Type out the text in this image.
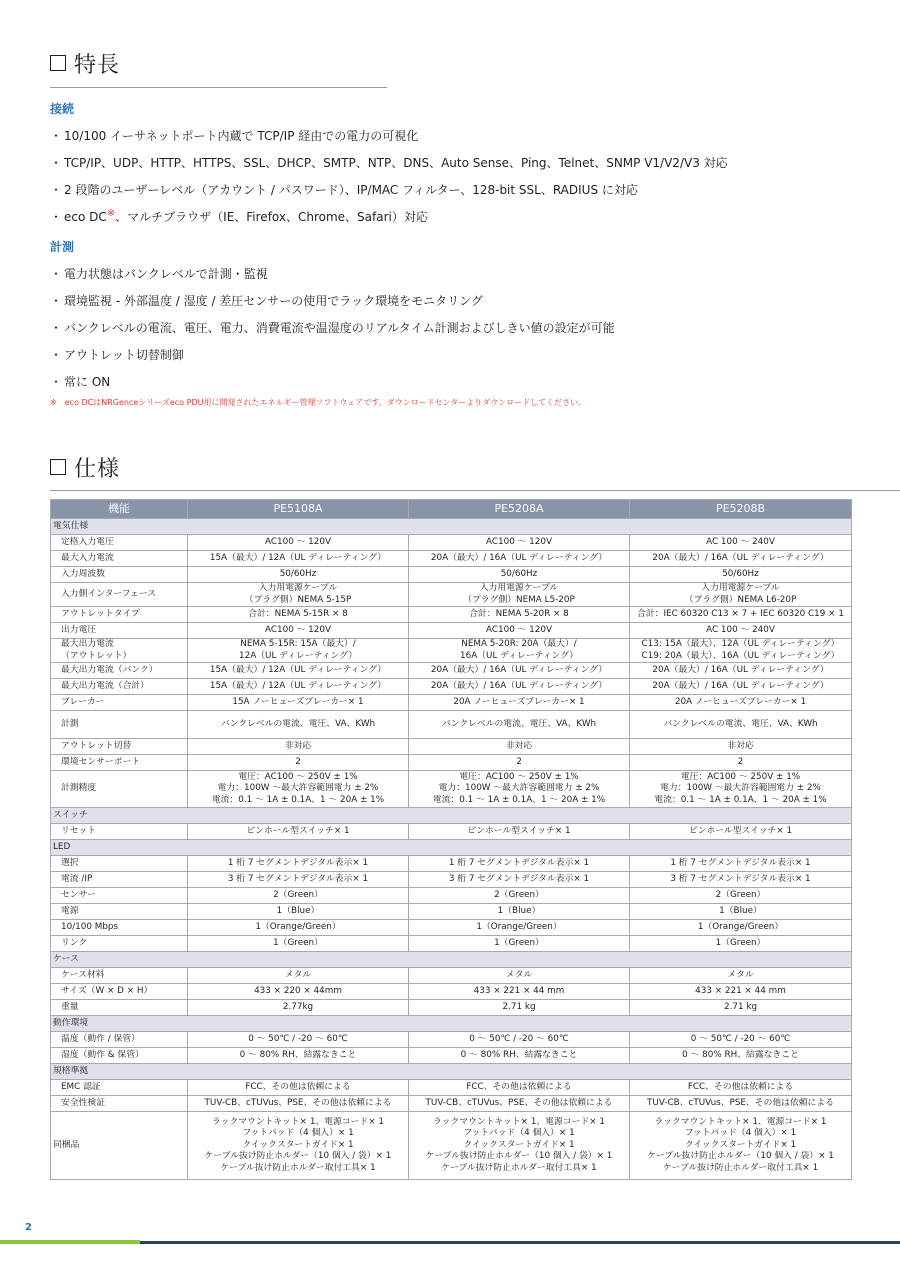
特長
接続
・ 10/100 イーサネットポート内蔵で TCP/IP 経由での電力の可視化
・ TCP/IP、UDP、HTTP、HTTPS、SSL、DHCP、SMTP、NTP、DNS、Auto Sense、Ping、Telnet、SNMP V1/V2/V3 対応
・ 2 段階のユーザーレベル（アカウント / パスワード）、IP/MAC フィルター、128-bit SSL、RADIUS に対応
・ eco DC※、マルチブラウザ（IE、Firefox、Chrome、Safari）対応
計測
・ 電力状態はバンクレベルで計測・監視
・ 環境監視 - 外部温度 / 湿度 / 差圧センサーの使用でラック環境をモニタリング
・ バンクレベルの電流、電圧、電力、消費電流や温湿度のリアルタイム計測およびしきい値の設定が可能
・ アウトレット切替制御
・ 常に ON
※　eco DCはNRGenceシリーズeco PDU用に開発されたエネルギー管理ソフトウェアです。ダウンロードセンターよりダウンロードしてください。
仕様
機能	PE5108A	PE5208A	PE5208B
電気仕様			
定格入力電圧	AC100 ～ 120V	AC100 ～ 120V	AC 100 ～ 240V
最大入力電流	15A（最大）/ 12A（UL ディレーティング）	20A（最大）/ 16A（UL ディレーティング）	20A（最大）/ 16A（UL ディレーティング）
入力周波数	50/60Hz	50/60Hz	50/60Hz
入力側インターフェース	入力用電源ケーブル
（プラグ側）NEMA 5-15P	入力用電源ケーブル
（プラグ側）NEMA L5-20P	入力用電源ケーブル
（プラグ側）NEMA L6-20P
アウトレットタイプ	合計：NEMA 5-15R × 8	合計：NEMA 5-20R × 8	合計：IEC 60320 C13 × 7 + IEC 60320 C19 × 1
出力電圧	AC100 ～ 120V	AC100 ～ 120V	AC 100 ～ 240V
最大出力電流
（アウトレット）	NEMA 5-15R: 15A（最大）/
12A（UL ディレーティング）	NEMA 5-20R: 20A（最大）/
16A（UL ディレーティング）	C13: 15A（最大）、12A（UL ディレーティング）
C19: 20A（最大）、16A（UL ディレーティング）
最大出力電流（バンク）	15A（最大）/ 12A（UL ディレーティング）	20A（最大）/ 16A（UL ディレーティング）	20A（最大）/ 16A（UL ディレーティング）
最大出力電流（合計）	15A（最大）/ 12A（UL ディレーティング）	20A（最大）/ 16A（UL ディレーティング）	20A（最大）/ 16A（UL ディレーティング）
ブレーカー	15A ノーヒューズブレーカー× 1	20A ノーヒューズブレーカー× 1	20A ノーヒューズブレーカー× 1
計測	バンクレベルの電流、電圧、VA、KWh	バンクレベルの電流、電圧、VA、KWh	バンクレベルの電流、電圧、VA、KWh
アウトレット切替	非対応	非対応	非対応
環境センサーポート	2	2	2
計測精度	電圧：AC100 ～ 250V ± 1%
電力：100W ～最大許容範囲電力 ± 2%
電流：0.1 ～ 1A ± 0.1A、1 ～ 20A ± 1%	電圧：AC100 ～ 250V ± 1%
電力：100W ～最大許容範囲電力 ± 2%
電流：0.1 ～ 1A ± 0.1A、1 ～ 20A ± 1%	電圧：AC100 ～ 250V ± 1%
電力：100W ～最大許容範囲電力 ± 2%
電流：0.1 ～ 1A ± 0.1A、1 ～ 20A ± 1%
スイッチ			
リセット	ピンホール型スイッチ× 1	ピンホール型スイッチ× 1	ピンホール型スイッチ× 1
LED			
選択	1 桁 7 セグメントデジタル表示× 1	1 桁 7 セグメントデジタル表示× 1	1 桁 7 セグメントデジタル表示× 1
電流 /IP	3 桁 7 セグメントデジタル表示× 1	3 桁 7 セグメントデジタル表示× 1	3 桁 7 セグメントデジタル表示× 1
センサー	2（Green）	2（Green）	2（Green）
電源	1（Blue）	1（Blue）	1（Blue）
10/100 Mbps	1（Orange/Green）	1（Orange/Green）	1（Orange/Green）
リンク	1（Green）	1（Green）	1（Green）
ケース			
ケース材料	メタル	メタル	メタル
サイズ（W × D × H）	433 × 220 × 44mm	433 × 221 × 44 mm	433 × 221 × 44 mm
重量	2.77kg	2.71 kg	2.71 kg
動作環境			
温度（動作 / 保管）	0 ～ 50℃ / -20 ～ 60℃	0 ～ 50℃ / -20 ～ 60℃	0 ～ 50℃ / -20 ～ 60℃
湿度（動作 & 保管）	0 ～ 80% RH、結露なきこと	0 ～ 80% RH、結露なきこと	0 ～ 80% RH、結露なきこと
規格準拠			
EMC 認証	FCC、その他は依頼による	FCC、その他は依頼による	FCC、その他は依頼による
安全性検証	TUV-CB、cTUVus、PSE、その他は依頼による	TUV-CB、cTUVus、PSE、その他は依頼による	TUV-CB、cTUVus、PSE、その他は依頼による
同梱品	ラックマウントキット× 1、電源コード× 1
フットパッド（4 個入）× 1
クイックスタートガイド× 1
ケーブル抜け防止ホルダー（10 個入 / 袋）× 1
ケーブル抜け防止ホルダー取付工具× 1	ラックマウントキット× 1、電源コード× 1
フットパッド（4 個入）× 1
クイックスタートガイド× 1
ケーブル抜け防止ホルダー（10 個入 / 袋）× 1
ケーブル抜け防止ホルダー取付工具× 1	ラックマウントキット× 1、電源コード× 1
フットパッド（4 個入）× 1
クイックスタートガイド× 1
ケーブル抜け防止ホルダー（10 個入 / 袋）× 1
ケーブル抜け防止ホルダー取付工具× 1
2
